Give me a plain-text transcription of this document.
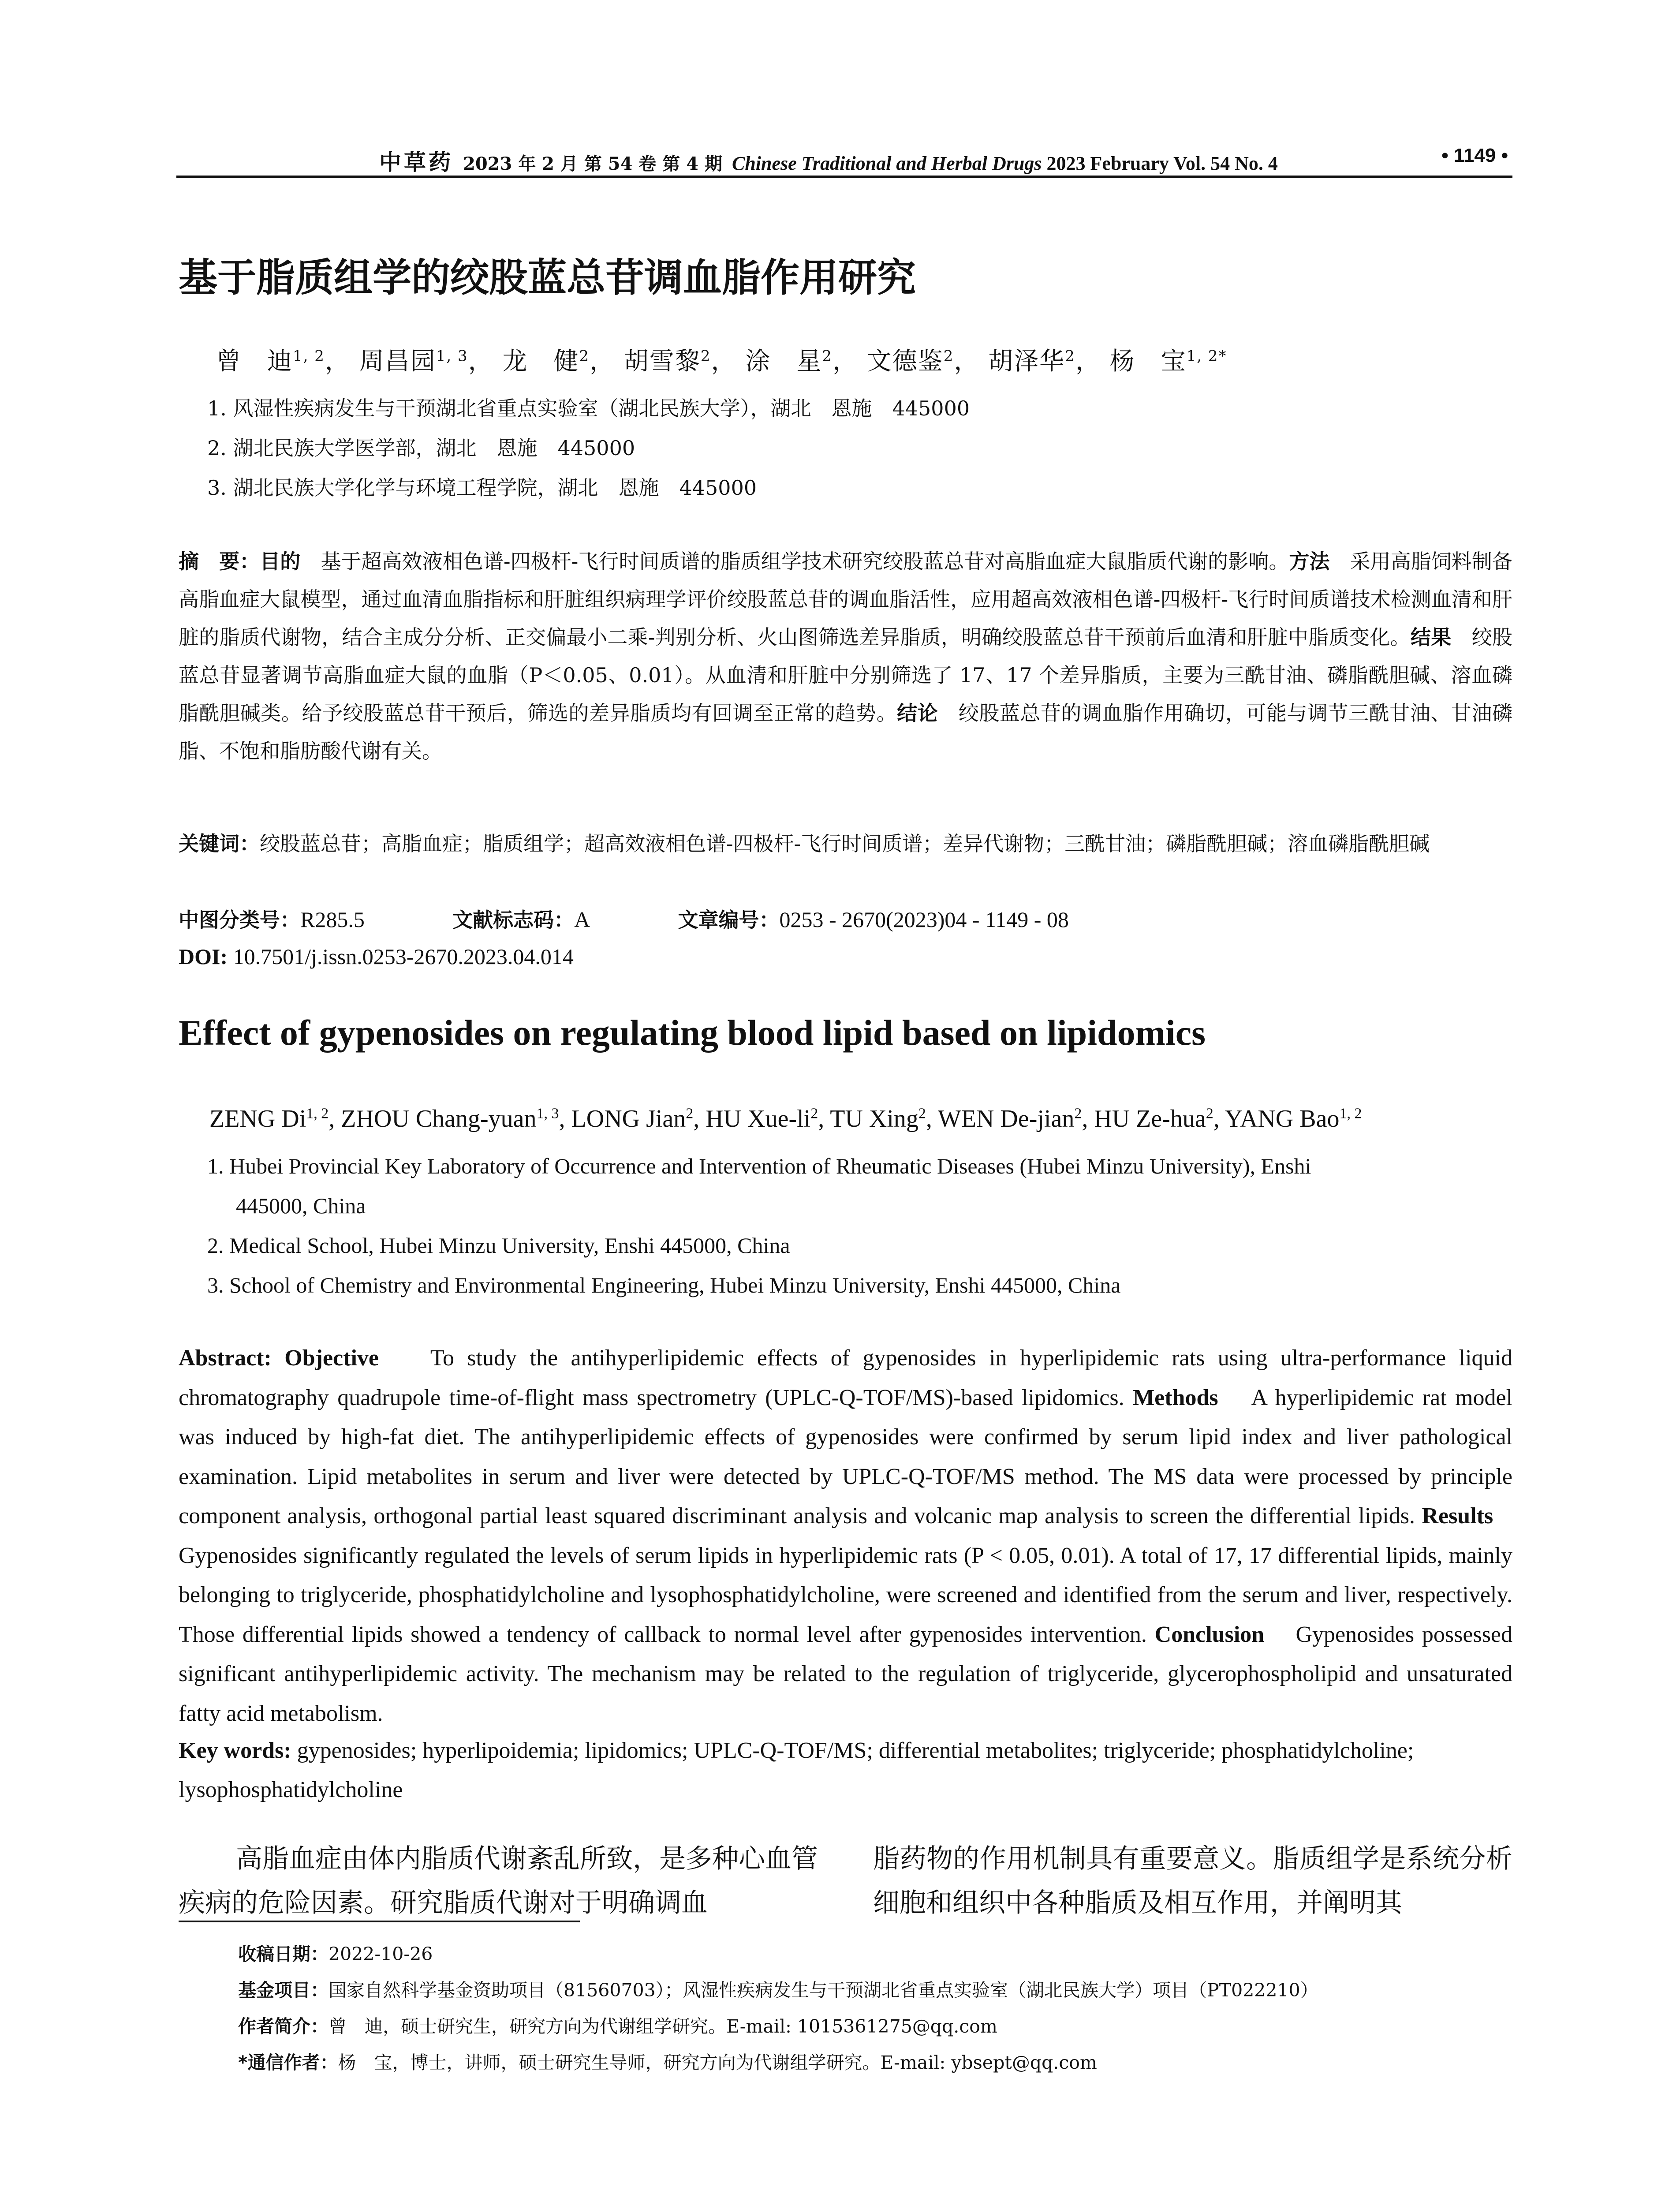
中草药 2023 年 2 月 第 54 卷 第 4 期 Chinese Traditional and Herbal Drugs 2023 February Vol. 54 No. 4	• 1149 •
基于脂质组学的绞股蓝总苷调血脂作用研究
曾　迪$^{1, 2}$， 周昌园$^{1, 3}$， 龙　健$^2$， 胡雪黎$^2$， 涂　星$^2$， 文德鉴$^2$， 胡泽华$^2$， 杨　宝$^{1, 2*}$
1. 风湿性疾病发生与干预湖北省重点实验室（湖北民族大学），湖北　恩施　445000
2. 湖北民族大学医学部，湖北　恩施　445000
3. 湖北民族大学化学与环境工程学院，湖北　恩施　445000
摘　要：目的　 基于超高效液相色谱-四极杆-飞行时间质谱的脂质组学技术研究绞股蓝总苷对高脂血症大鼠脂质代谢的影响。方法　 采用高脂饲料制备高脂血症大鼠模型，通过血清血脂指标和肝脏组织病理学评价绞股蓝总苷的调血脂活性，应用超高效液相色谱-四极杆-飞行时间质谱技术检测血清和肝脏的脂质代谢物，结合主成分分析、正交偏最小二乘-判别分析、火山图筛选差异脂质，明确绞股蓝总苷干预前后血清和肝脏中脂质变化。结果　 绞股蓝总苷显著调节高脂血症大鼠的血脂（P＜0.05、0.01）。从血清和肝脏中分别筛选了 17、17 个差异脂质，主要为三酰甘油、磷脂酰胆碱、溶血磷脂酰胆碱类。给予绞股蓝总苷干预后，筛选的差异脂质均有回调至正常的趋势。结论　 绞股蓝总苷的调血脂作用确切，可能与调节三酰甘油、甘油磷脂、不饱和脂肪酸代谢有关。
关键词：绞股蓝总苷；高脂血症；脂质组学；超高效液相色谱-四极杆-飞行时间质谱；差异代谢物；三酰甘油；磷脂酰胆碱；溶血磷脂酰胆碱
中图分类号：R285.5	文献标志码：A	文章编号：0253 - 2670(2023)04 - 1149 - 08
DOI: 10.7501/j.issn.0253-2670.2023.04.014
Effect of gypenosides on regulating blood lipid based on lipidomics
ZENG Di$^{1, 2}$, ZHOU Chang-yuan$^{1, 3}$, LONG Jian$^2$, HU Xue-$li^2$, TU Xing$^2$, WEN De-jian$^2$, HU Ze-hua$^2$, YANG Bao$^{1, 2}$
1. Hubei Provincial Key Laboratory of Occurrence and Intervention of Rheumatic Diseases (Hubei Minzu University), Enshi
445000, China
2. Medical School, Hubei Minzu University, Enshi 445000, China
3. School of Chemistry and Environmental Engineering, Hubei Minzu University, Enshi 445000, China
Abstract: Objective To study the antihyperlipidemic effects of gypenosides in hyperlipidemic rats using ultra-performance liquid chromatography quadrupole time-of-flight mass spectrometry (UPLC-Q-TOF/MS)-based lipidomics. Methods A hyperlipidemic rat model was induced by high-fat diet. The antihyperlipidemic effects of gypenosides were confirmed by serum lipid index and liver pathological examination. Lipid metabolites in serum and liver were detected by UPLC-Q-TOF/MS method. The MS data were processed by principle component analysis, orthogonal partial least squared discriminant analysis and volcanic map analysis to screen the differential lipids. Results    Gypenosides significantly regulated the levels of serum lipids in hyperlipidemic rats (P < 0.05, 0.01). A total of 17, 17 differential lipids, mainly belonging to triglyceride, phosphatidylcholine and lysophosphatidylcholine, were screened and identified from the serum and liver, respectively. Those differential lipids showed a tendency of callback to normal level after gypenosides intervention. Conclusion Gypenosides possessed significant antihyperlipidemic activity. The mechanism may be related to the regulation of triglyceride, glycerophospholipid and unsaturated fatty acid metabolism.
Key words: gypenosides; hyperlipoidemia; lipidomics; UPLC-Q-TOF/MS; differential metabolites; triglyceride; phosphatidylcholine; lysophosphatidylcholine
高脂血症由体内脂质代谢紊乱所致，是多种心血管疾病的危险因素。研究脂质代谢对于明确调血
脂药物的作用机制具有重要意义。脂质组学是系统分析细胞和组织中各种脂质及相互作用，并阐明其
收稿日期：2022-10-26
基金项目：国家自然科学基金资助项目（81560703）；风湿性疾病发生与干预湖北省重点实验室（湖北民族大学）项目（PT022210）
作者简介：曾　迪，硕士研究生，研究方向为代谢组学研究。E-mail: 1015361275@qq.com
*通信作者：杨　宝，博士，讲师，硕士研究生导师，研究方向为代谢组学研究。E-mail: ybsept@qq.com
